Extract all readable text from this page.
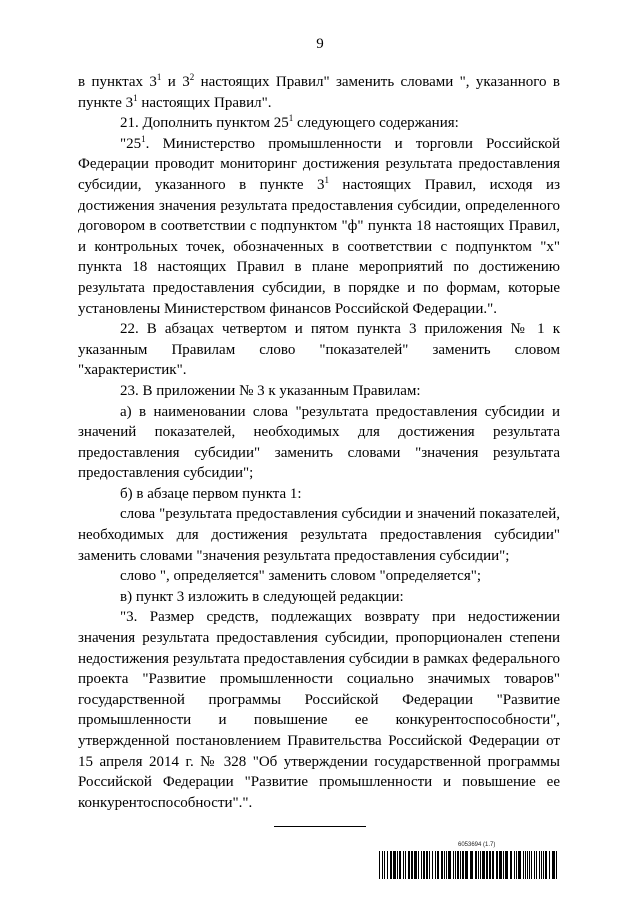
9

в пунктах $3^1$ и $3^2$ настоящих Правил" заменить словами ", указанного в пункте $3^1$ настоящих Правил".

21. Дополнить пунктом $25^1$ следующего содержания:

"$25^1$. Министерство промышленности и торговли Российской Федерации проводит мониторинг достижения результата предоставления субсидии, указанного в пункте $3^1$ настоящих Правил, исходя из достижения значения результата предоставления субсидии, определенного договором в соответствии с подпунктом "ф" пункта 18 настоящих Правил, и контрольных точек, обозначенных в соответствии с подпунктом "х" пункта 18 настоящих Правил в плане мероприятий по достижению результата предоставления субсидии, в порядке и по формам, которые установлены Министерством финансов Российской Федерации.".

22. В абзацах четвертом и пятом пункта 3 приложения № 1 к указанным Правилам слово "показателей" заменить словом "характеристик".

23. В приложении № 3 к указанным Правилам:

а) в наименовании слова "результата предоставления субсидии и значений показателей, необходимых для достижения результата предоставления субсидии" заменить словами "значения результата предоставления субсидии";

б) в абзаце первом пункта 1:

слова "результата предоставления субсидии и значений показателей, необходимых для достижения результата предоставления субсидии" заменить словами "значения результата предоставления субсидии";

слово ", определяется" заменить словом "определяется";

в) пункт 3 изложить в следующей редакции:

"3. Размер средств, подлежащих возврату при недостижении значения результата предоставления субсидии, пропорционален степени недостижения результата предоставления субсидии в рамках федерального проекта "Развитие промышленности социально значимых товаров" государственной программы Российской Федерации "Развитие промышленности и повышение ее конкурентоспособности", утвержденной постановлением Правительства Российской Федерации от 15 апреля 2014 г. № 328 "Об утверждении государственной программы Российской Федерации "Развитие промышленности и повышение ее конкурентоспособности".".

6053694 (1.7)
